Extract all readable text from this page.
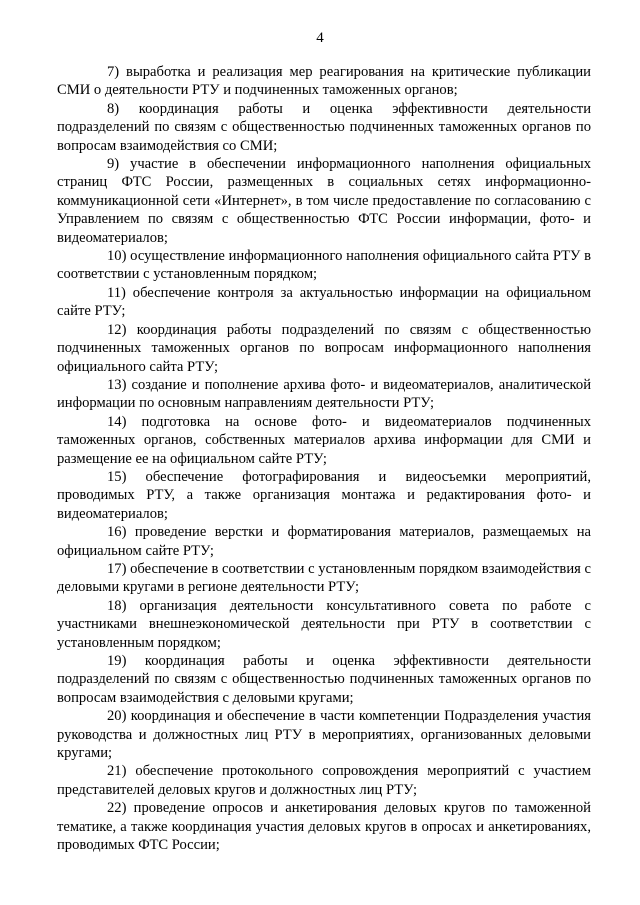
4

7) выработка и реализация мер реагирования на критические публикации СМИ о деятельности РТУ и подчиненных таможенных органов;

8) координация работы и оценка эффективности деятельности подразделений по связям с общественностью подчиненных таможенных органов по вопросам взаимодействия со СМИ;

9) участие в обеспечении информационного наполнения официальных страниц ФТС России, размещенных в социальных сетях информационно-коммуникационной сети «Интернет», в том числе предоставление по согласованию с Управлением по связям с общественностью ФТС России информации, фото- и видеоматериалов;

10) осуществление информационного наполнения официального сайта РТУ в соответствии с установленным порядком;

11) обеспечение контроля за актуальностью информации на официальном сайте РТУ;

12) координация работы подразделений по связям с общественностью подчиненных таможенных органов по вопросам информационного наполнения официального сайта РТУ;

13) создание и пополнение архива фото- и видеоматериалов, аналитической информации по основным направлениям деятельности РТУ;

14) подготовка на основе фото- и видеоматериалов подчиненных таможенных органов, собственных материалов архива информации для СМИ и размещение ее на официальном сайте РТУ;

15) обеспечение фотографирования и видеосъемки мероприятий, проводимых РТУ, а также организация монтажа и редактирования фото- и видеоматериалов;

16) проведение верстки и форматирования материалов, размещаемых на официальном сайте РТУ;

17) обеспечение в соответствии с установленным порядком взаимодействия с деловыми кругами в регионе деятельности РТУ;

18) организация деятельности консультативного совета по работе с участниками внешнеэкономической деятельности при РТУ в соответствии с установленным порядком;

19) координация работы и оценка эффективности деятельности подразделений по связям с общественностью подчиненных таможенных органов по вопросам взаимодействия с деловыми кругами;

20) координация и обеспечение в части компетенции Подразделения участия руководства и должностных лиц РТУ в мероприятиях, организованных деловыми кругами;

21) обеспечение протокольного сопровождения мероприятий с участием представителей деловых кругов и должностных лиц РТУ;

22) проведение опросов и анкетирования деловых кругов по таможенной тематике, а также координация участия деловых кругов в опросах и анкетированиях, проводимых ФТС России;
